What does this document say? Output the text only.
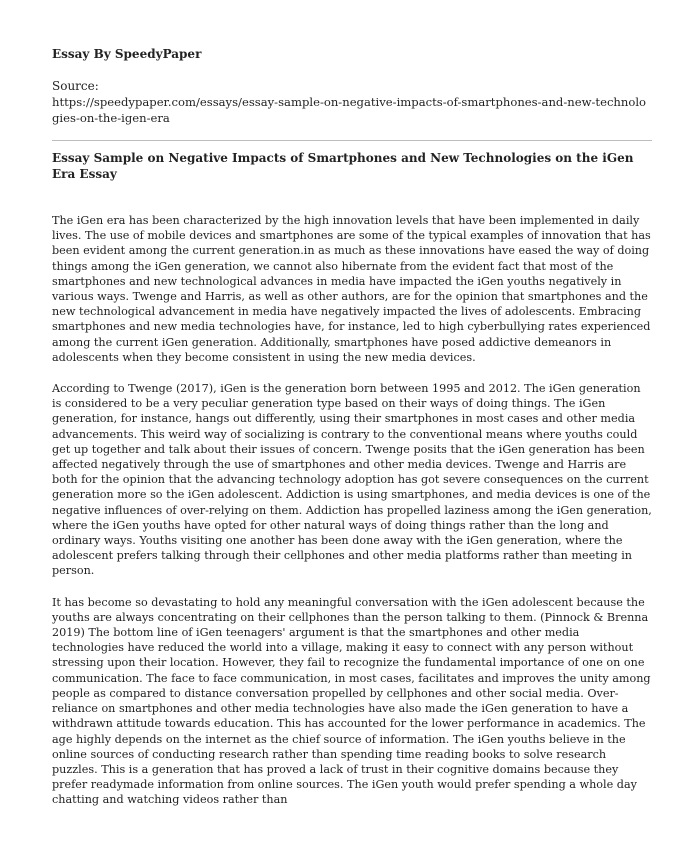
Essay By SpeedyPaper
Source:
https://speedypaper.com/essays/essay-sample-on-negative-impacts-of-smartphones-and-new-technologies-on-the-igen-era
Essay Sample on Negative Impacts of Smartphones and New Technologies on the iGen Era Essay

The iGen era has been characterized by the high innovation levels that have been implemented in daily lives. The use of mobile devices and smartphones are some of the typical examples of innovation that has been evident among the current generation.in as much as these innovations have eased the way of doing things among the iGen generation, we cannot also hibernate from the evident fact that most of the smartphones and new technological advances in media have impacted the iGen youths negatively in various ways. Twenge and Harris, as well as other authors, are for the opinion that smartphones and the new technological advancement in media have negatively impacted the lives of adolescents. Embracing smartphones and new media technologies have, for instance, led to high cyberbullying rates experienced among the current iGen generation. Additionally, smartphones have posed addictive demeanors in adolescents when they become consistent in using the new media devices.

According to Twenge (2017), iGen is the generation born between 1995 and 2012. The iGen generation is considered to be a very peculiar generation type based on their ways of doing things. The iGen generation, for instance, hangs out differently, using their smartphones in most cases and other media advancements. This weird way of socializing is contrary to the conventional means where youths could get up together and talk about their issues of concern. Twenge posits that the iGen generation has been affected negatively through the use of smartphones and other media devices. Twenge and Harris are both for the opinion that the advancing technology adoption has got severe consequences on the current generation more so the iGen adolescent. Addiction is using smartphones, and media devices is one of the negative influences of over-relying on them. Addiction has propelled laziness among the iGen generation, where the iGen youths have opted for other natural ways of doing things rather than the long and ordinary ways. Youths visiting one another has been done away with the iGen generation, where the adolescent prefers talking through their cellphones and other media platforms rather than meeting in person.

It has become so devastating to hold any meaningful conversation with the iGen adolescent because the youths are always concentrating on their cellphones than the person talking to them. (Pinnock & Brenna 2019) The bottom line of iGen teenagers' argument is that the smartphones and other media technologies have reduced the world into a village, making it easy to connect with any person without stressing upon their location. However, they fail to recognize the fundamental importance of one on one communication. The face to face communication, in most cases, facilitates and improves the unity among people as compared to distance conversation propelled by cellphones and other social media. Over-reliance on smartphones and other media technologies have also made the iGen generation to have a withdrawn attitude towards education. This has accounted for the lower performance in academics. The age highly depends on the internet as the chief source of information. The iGen youths believe in the online sources of conducting research rather than spending time reading books to solve research puzzles. This is a generation that has proved a lack of trust in their cognitive domains because they prefer readymade information from online sources. The iGen youth would prefer spending a whole day chatting and watching videos rather than
